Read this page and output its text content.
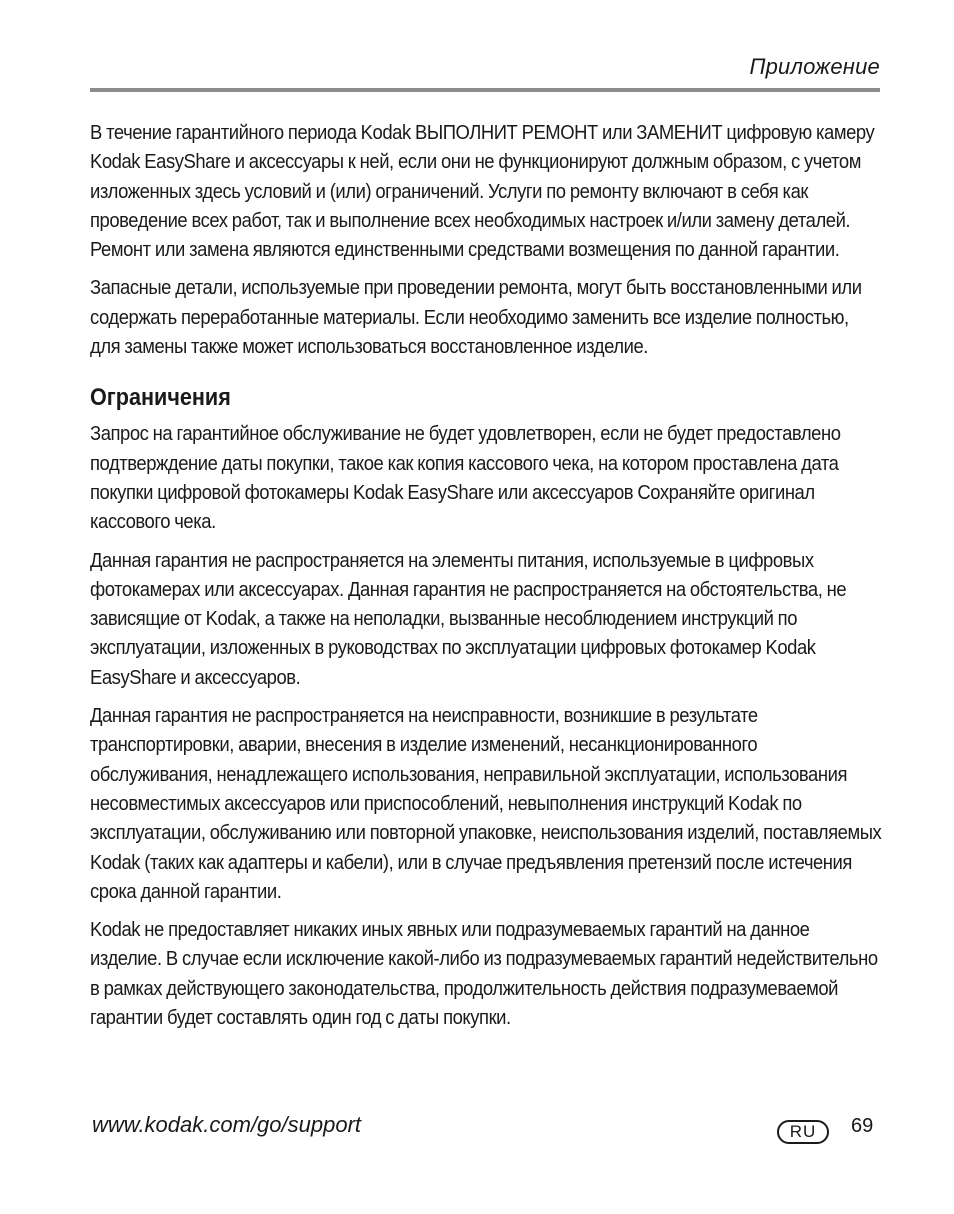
Приложение

В течение гарантийного периода Kodak ВЫПОЛНИТ РЕМОНТ или ЗАМЕНИТ цифровую камеру Kodak EasyShare и аксессуары к ней, если они не функционируют должным образом, с учетом изложенных здесь условий и (или) ограничений. Услуги по ремонту включают в себя как проведение всех работ, так и выполнение всех необходимых настроек и/или замену деталей. Ремонт или замена являются единственными средствами возмещения по данной гарантии.

Запасные детали, используемые при проведении ремонта, могут быть восстановленными или содержать переработанные материалы. Если необходимо заменить все изделие полностью, для замены также может использоваться восстановленное изделие.

Ограничения

Запрос на гарантийное обслуживание не будет удовлетворен, если не будет предоставлено подтверждение даты покупки, такое как копия кассового чека, на котором проставлена дата покупки цифровой фотокамеры Kodak EasyShare или аксессуаров Сохраняйте оригинал кассового чека.

Данная гарантия не распространяется на элементы питания, используемые в цифровых фотокамерах или аксессуарах. Данная гарантия не распространяется на обстоятельства, не зависящие от Kodak, а также на неполадки, вызванные несоблюдением инструкций по эксплуатации, изложенных в руководствах по эксплуатации цифровых фотокамер Kodak EasyShare и аксессуаров.

Данная гарантия не распространяется на неисправности, возникшие в результате транспортировки, аварии, внесения в изделие изменений, несанкционированного обслуживания, ненадлежащего использования, неправильной эксплуатации, использования несовместимых аксессуаров или приспособлений, невыполнения инструкций Kodak по эксплуатации, обслуживанию или повторной упаковке, неиспользования изделий, поставляемых Kodak (таких как адаптеры и кабели), или в случае предъявления претензий после истечения срока данной гарантии.

Kodak не предоставляет никаких иных явных или подразумеваемых гарантий на данное изделие. В случае если исключение какой-либо из подразумеваемых гарантий недействительно в рамках действующего законодательства, продолжительность действия подразумеваемой гарантии будет составлять один год с даты покупки.

www.kodak.com/go/support	RU	69
